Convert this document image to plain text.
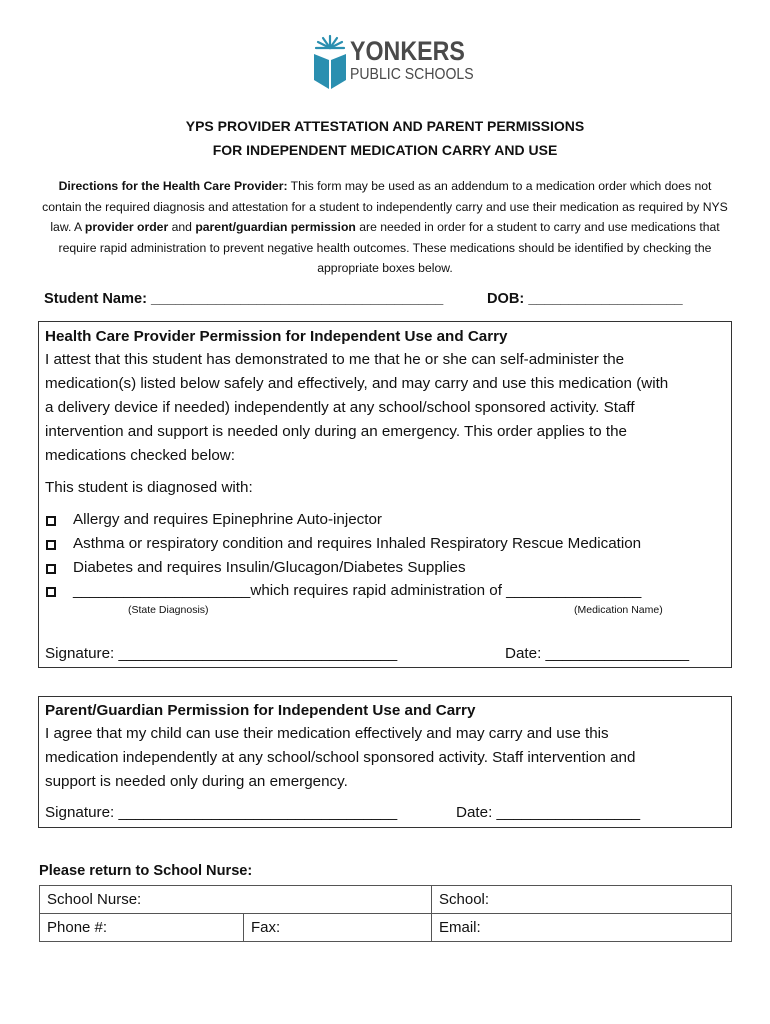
YONKERS
PUBLIC SCHOOLS
YPS PROVIDER ATTESTATION AND PARENT PERMISSIONS
FOR INDEPENDENT MEDICATION CARRY AND USE
Directions for the Health Care Provider: This form may be used as an addendum to a medication order which does not contain the required diagnosis and attestation for a student to independently carry and use their medication as required by NYS law. A provider order and parent/guardian permission are needed in order for a student to carry and use medications that require rapid administration to prevent negative health outcomes. These medications should be identified by checking the appropriate boxes below.
Student Name: ____________________________________	DOB: ___________________
Health Care Provider Permission for Independent Use and Carry
I attest that this student has demonstrated to me that he or she can self-administer the
medication(s) listed below safely and effectively, and may carry and use this medication (with
a delivery device if needed) independently at any school/school sponsored activity. Staff
intervention and support is needed only during an emergency. This order applies to the
medications checked below:
This student is diagnosed with:
Allergy and requires Epinephrine Auto-injector
Asthma or respiratory condition and requires Inhaled Respiratory Rescue Medication
Diabetes and requires Insulin/Glucagon/Diabetes Supplies
_____________________which requires rapid administration of ________________
(State Diagnosis)	(Medication Name)
Signature: _________________________________	Date: _________________
Parent/Guardian Permission for Independent Use and Carry
I agree that my child can use their medication effectively and may carry and use this
medication independently at any school/school sponsored activity. Staff intervention and
support is needed only during an emergency.
Signature: _________________________________	Date: _________________
Please return to School Nurse:
School Nurse:		School:
Phone #:	Fax:	Email:
